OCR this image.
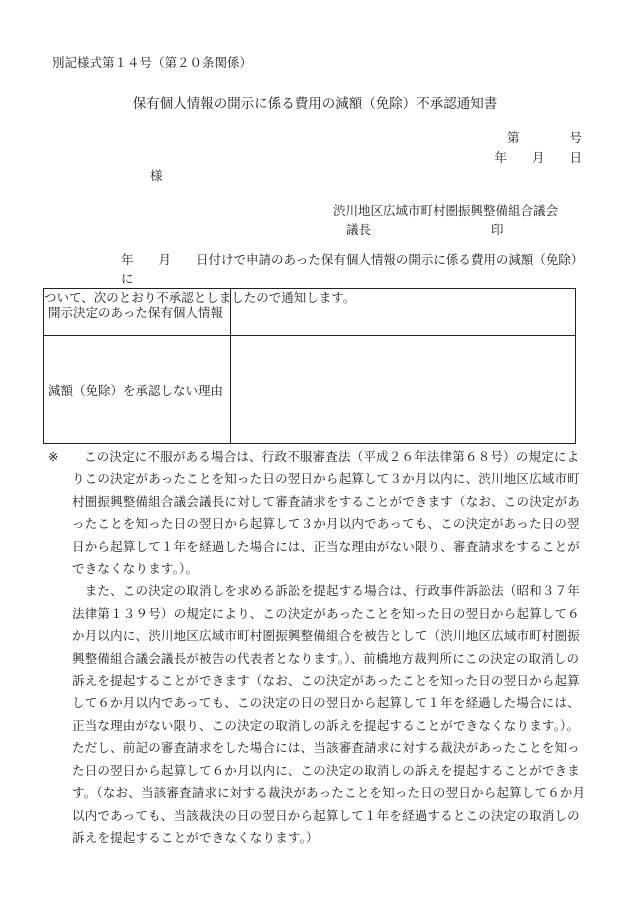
別記様式第１４号（第２０条関係）
保有個人情報の開示に係る費用の減額（免除）不承認通知書
第　　　　号
年　　月　　日
様
渋川地区広域市町村圏振興整備組合議会
議長	印
年　　月　　日付けで申請のあった保有個人情報の開示に係る費用の減額（免除）に
ついて、次のとおり不承認としましたので通知します。
開示決定のあった保有個人情報	
減額（免除）を承認しない理由	

※ この決定に不服がある場合は、行政不服審査法（平成２６年法律第６８号）の規定によりこの決定があったことを知った日の翌日から起算して３か月以内に、渋川地区広域市町村圏振興整備組合議会議長に対して審査請求をすることができます（なお、この決定があったことを知った日の翌日から起算して３か月以内であっても、この決定があった日の翌日から起算して１年を経過した場合には、正当な理由がない限り、審査請求をすることができなくなります。）。

　また、この決定の取消しを求める訴訟を提起する場合は、行政事件訴訟法（昭和３７年法律第１３９号）の規定により、この決定があったことを知った日の翌日から起算して６か月以内に、渋川地区広域市町村圏振興整備組合を被告として（渋川地区広域市町村圏振興整備組合議会議長が被告の代表者となります。）、前橋地方裁判所にこの決定の取消しの訴えを提起することができます（なお、この決定があったことを知った日の翌日から起算して６か月以内であっても、この決定の日の翌日から起算して１年を経過した場合には、正当な理由がない限り、この決定の取消しの訴えを提起することができなくなります。）。ただし、前記の審査請求をした場合には、当該審査請求に対する裁決があったことを知った日の翌日から起算して６か月以内に、この決定の取消しの訴えを提起することができます。（なお、当該審査請求に対する裁決があったことを知った日の翌日から起算して６か月以内であっても、当該裁決の日の翌日から起算して１年を経過するとこの決定の取消しの訴えを提起することができなくなります。）
